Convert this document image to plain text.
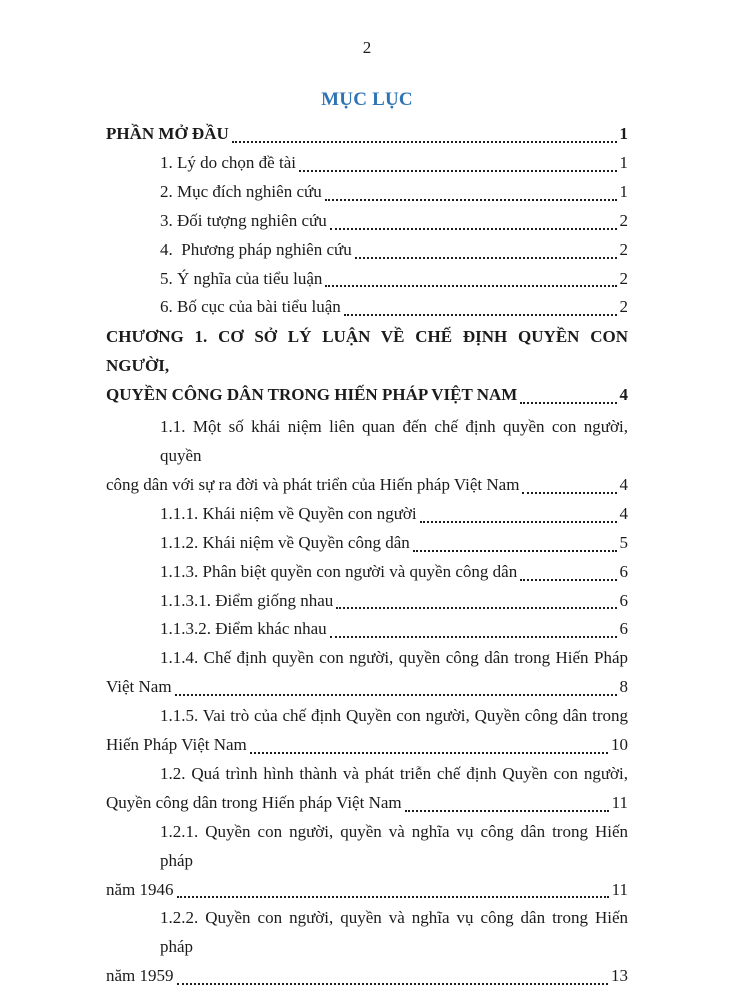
2
MỤC LỤC
PHẦN MỞ ĐẦU	1
1. Lý do chọn đề tài	1
2. Mục đích nghiên cứu	1
3. Đối tượng nghiên cứu	2
4.  Phương pháp nghiên cứu	2
5. Ý nghĩa của tiểu luận	2
6. Bố cục của bài tiểu luận	2
CHƯƠNG 1. CƠ SỞ LÝ LUẬN VỀ CHẾ ĐỊNH QUYỀN CON NGƯỜI,
QUYỀN CÔNG DÂN TRONG HIẾN PHÁP VIỆT NAM	4
1.1. Một số khái niệm liên quan đến chế định quyền con người, quyền
công dân với sự ra đời và phát triển của Hiến pháp Việt Nam	4
1.1.1. Khái niệm về Quyền con người	4
1.1.2. Khái niệm về Quyền công dân	5
1.1.3. Phân biệt quyền con người và quyền công dân	6
1.1.3.1. Điểm giống nhau	6
1.1.3.2. Điểm khác nhau	6
1.1.4. Chế định quyền con người, quyền công dân trong Hiến Pháp
Việt Nam	8
1.1.5. Vai trò của chế định Quyền con người, Quyền công dân trong
Hiến Pháp Việt Nam	10
1.2. Quá trình hình thành và phát triễn chế định Quyền con người,
Quyền công dân trong Hiến pháp Việt Nam	11
1.2.1. Quyền con người, quyền và nghĩa vụ công dân trong Hiến pháp
năm 1946	11
1.2.2. Quyền con người, quyền và nghĩa vụ công dân trong Hiến pháp
năm 1959	13
